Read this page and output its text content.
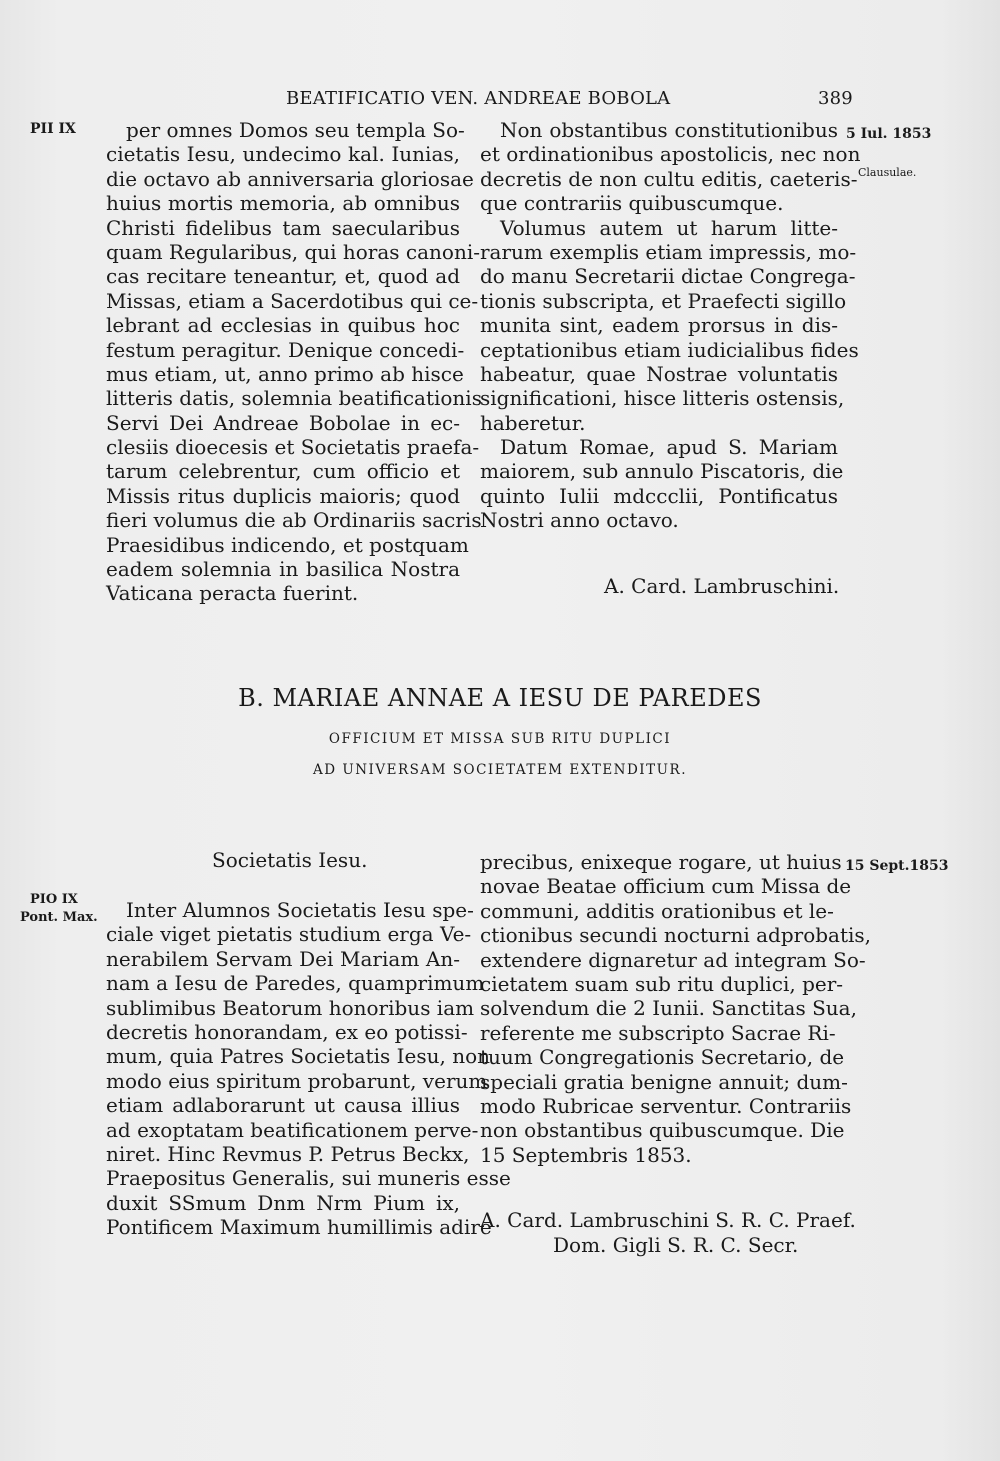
BEATIFICATIO VEN. ANDREAE BOBOLA	389
PII IX	5 Iul. 1853
Clausulae.
PIO IX
Pont. Max.
15 Sept.1853
per omnes Domos seu templa So-
cietatis Iesu, undecimo kal. Iunias,
die octavo ab anniversaria gloriosae
huius mortis memoria, ab omnibus
Christi fidelibus tam saecularibus
quam Regularibus, qui horas canoni-
cas recitare teneantur, et, quod ad
Missas, etiam a Sacerdotibus qui ce-
lebrant ad ecclesias in quibus hoc
festum peragitur. Denique concedi-
mus etiam, ut, anno primo ab hisce
litteris datis, solemnia beatificationis
Servi Dei Andreae Bobolae in ec-
clesiis dioecesis et Societatis praefa-
tarum celebrentur, cum officio et
Missis ritus duplicis maioris; quod
fieri volumus die ab Ordinariis sacris
Praesidibus indicendo, et postquam
eadem solemnia in basilica Nostra
Vaticana peracta fuerint.
Non obstantibus constitutionibus
et ordinationibus apostolicis, nec non
decretis de non cultu editis, caeteris-
que contrariis quibuscumque.
Volumus autem ut harum litte-
rarum exemplis etiam impressis, mo-
do manu Secretarii dictae Congrega-
tionis subscripta, et Praefecti sigillo
munita sint, eadem prorsus in dis-
ceptationibus etiam iudicialibus fides
habeatur, quae Nostrae voluntatis
significationi, hisce litteris ostensis,
haberetur.
Datum Romae, apud S. Mariam
maiorem, sub annulo Piscatoris, die
quinto Iulii mdccclii, Pontificatus
Nostri anno octavo.
A. Card. Lambruschini.
B. MARIAE ANNAE A IESU DE PAREDES
OFFICIUM ET MISSA SUB RITU DUPLICI
AD UNIVERSAM SOCIETATEM EXTENDITUR.
Societatis Iesu.
Inter Alumnos Societatis Iesu spe-
ciale viget pietatis studium erga Ve-
nerabilem Servam Dei Mariam An-
nam a Iesu de Paredes, quamprimum
sublimibus Beatorum honoribus iam
decretis honorandam, ex eo potissi-
mum, quia Patres Societatis Iesu, non
modo eius spiritum probarunt, verum
etiam adlaborarunt ut causa illius
ad exoptatam beatificationem perve-
niret. Hinc Revmus P. Petrus Beckx,
Praepositus Generalis, sui muneris esse
duxit SSmum Dnm Nrm Pium ix,
Pontificem Maximum humillimis adire
precibus, enixeque rogare, ut huius
novae Beatae officium cum Missa de
communi, additis orationibus et le-
ctionibus secundi nocturni adprobatis,
extendere dignaretur ad integram So-
cietatem suam sub ritu duplici, per-
solvendum die 2 Iunii. Sanctitas Sua,
referente me subscripto Sacrae Ri-
tuum Congregationis Secretario, de
speciali gratia benigne annuit; dum-
modo Rubricae serventur. Contrariis
non obstantibus quibuscumque. Die
15 Septembris 1853.
A. Card. Lambruschini S. R. C. Praef.
Dom. Gigli S. R. C. Secr.
